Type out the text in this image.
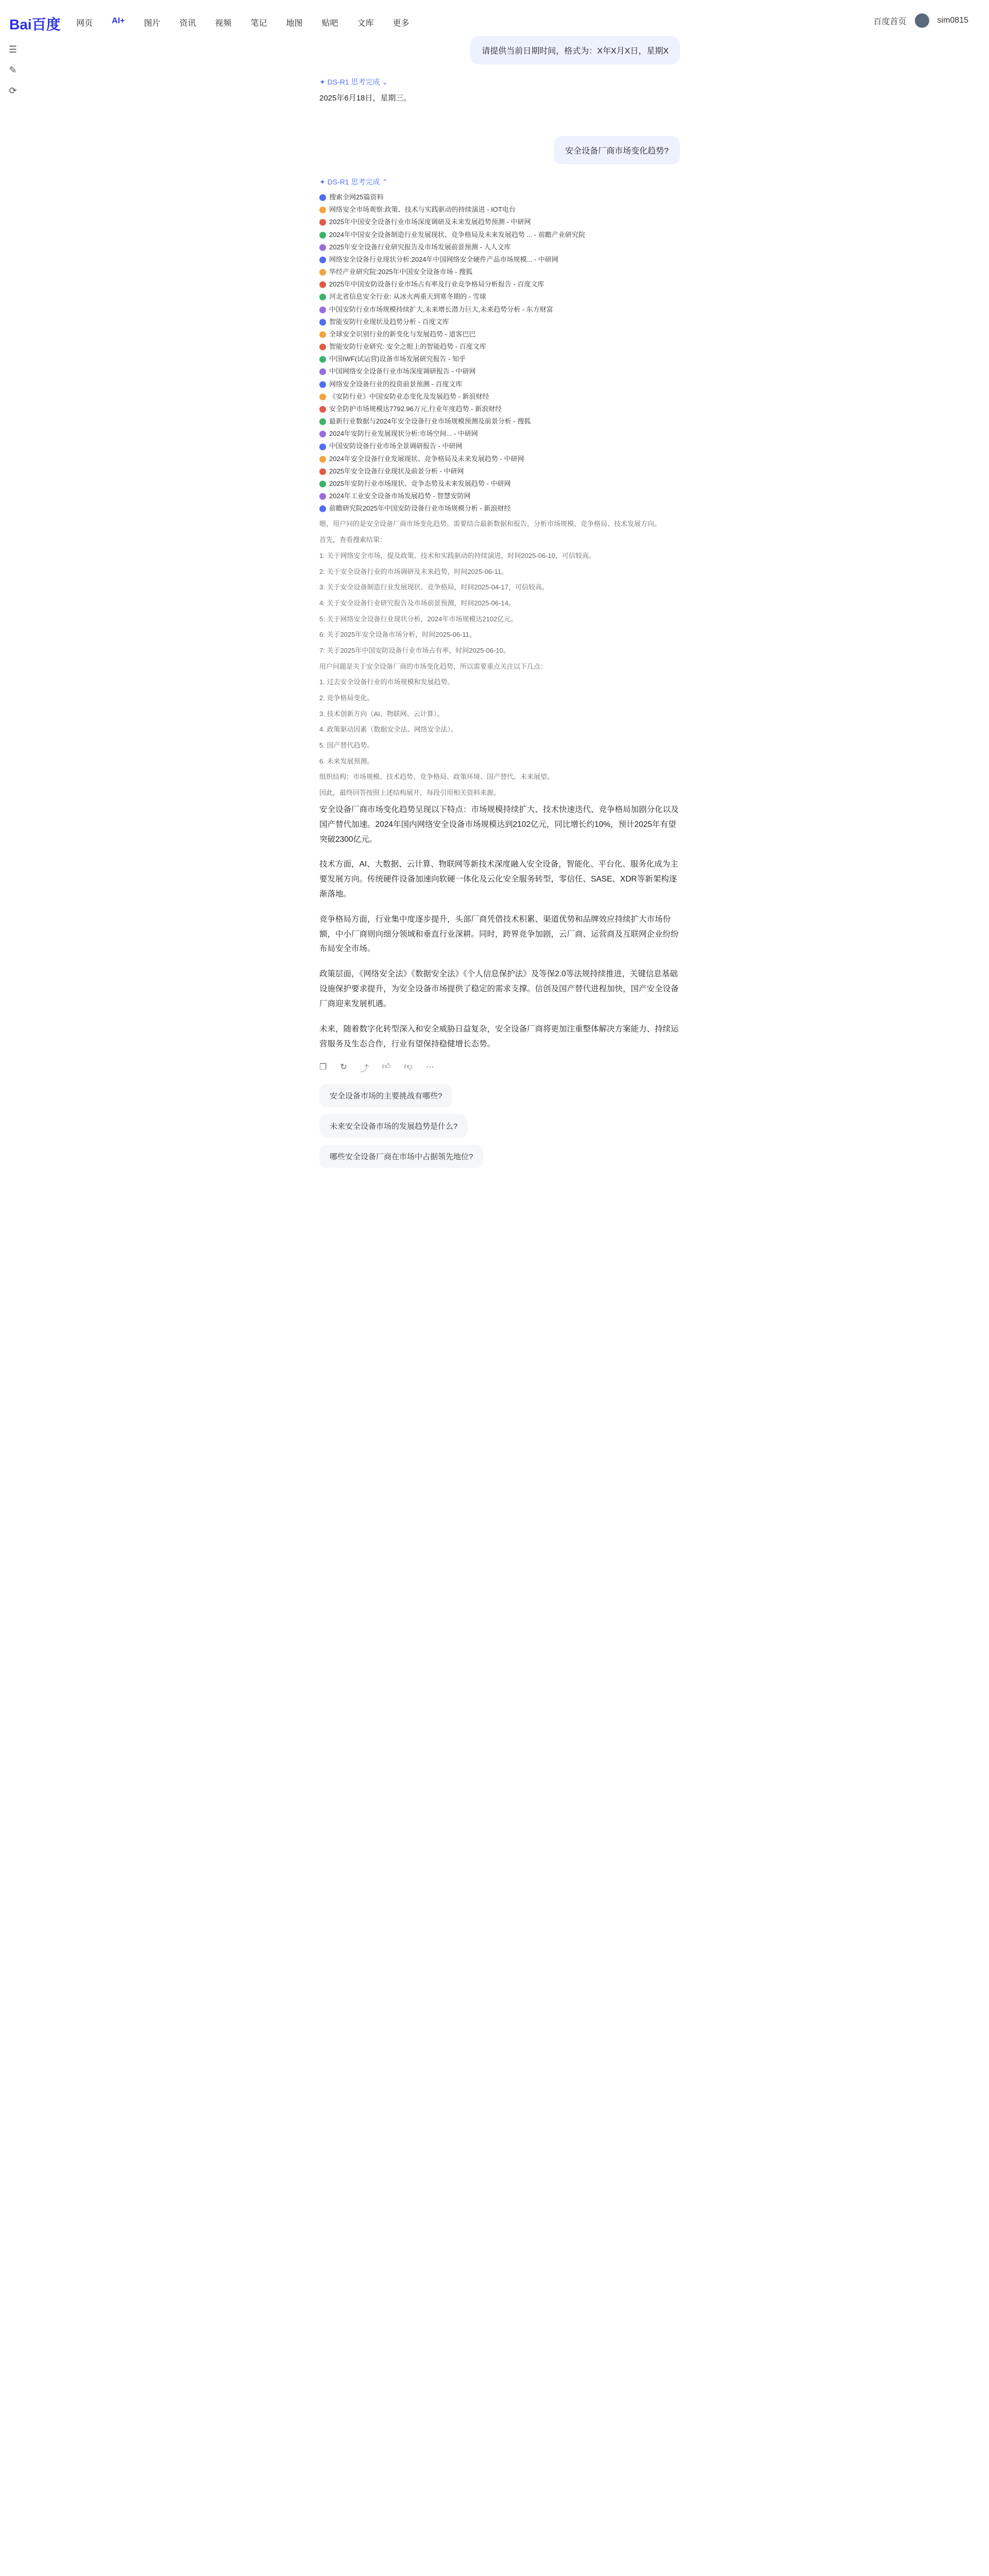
Bai百度 网页 AI+ 图片 资讯 视频 笔记 地图 贴吧 文库 更多	百度首页	sim0815
☰
✎
⟳
请提供当前日期时间，格式为：X年X月X日，星期X
✦ DS-R1 思考完成 ⌄
2025年6月18日，星期三。
安全设备厂商市场变化趋势?
✦ DS-R1 思考完成 ⌃
搜索全网25篇资料
网络安全市场观察:政策、技术与实践驱动的持续演进 - IOT电台
2025年中国安全设备行业市场深度调研及未来发展趋势预测 - 中研网
2024年中国安全设备制造行业发展现状、竞争格局及未来发展趋势 ... - 前瞻产业研究院
2025年安全设备行业研究报告及市场发展前景预测 - 人人文库
网络安全设备行业现状分析:2024年中国网络安全硬件产品市场规模... - 中研网
华经产业研究院:2025年中国安全设备市场 - 搜狐
2025年中国安防设备行业市场占有率及行业竞争格局分析报告 - 百度文库
河北省信息安全行业: 从冰火两重天到寒冬期的 - 雪球
中国安防行业市场规模持续扩大,未来增长潜力巨大,未来趋势分析 - 东方财富
智能安防行业现状及趋势分析 - 百度文库
全球安全识别行业的新变化与发展趋势 - 道客巴巴
智能安防行业研究: 安全之眼上的智能趋势 - 百度文库
中国IWF(试运营)设备市场发展研究报告 - 知乎
中国网络安全设备行业市场深度调研报告 - 中研网
网络安全设备行业的投资前景预测 - 百度文库
《安防行业》中国安防业态变化及发展趋势 - 新浪财经
安全防护市场规模达7792.96万元,行业年度趋势 - 新浪财经
最新行业数据与2024年安全设备行业市场规模预测及前景分析 - 搜狐
2024年安防行业发展现状分析:市场空间... - 中研网
中国安防设备行业市场全景调研报告 - 中研网
2024年安全设备行业发展现状、竞争格局及未来发展趋势 - 中研网
2025年安全设备行业现状及前景分析 - 中研网
2025年安防行业市场现状、竞争态势及未来发展趋势 - 中研网
2024年工业安全设备市场发展趋势 - 智慧安防网
前瞻研究院2025年中国安防设备行业市场规模分析 - 新浪财经

嗯，用户问的是安全设备厂商市场变化趋势。需要结合最新数据和报告，分析市场规模、竞争格局、技术发展方向。

首先，查看搜索结果：

1: 关于网络安全市场，提及政策、技术和实践驱动的持续演进，时间2025-06-10，可信较高。

2: 关于安全设备行业的市场调研及未来趋势，时间2025-06-11。

3: 关于安全设备制造行业发展现状、竞争格局，时间2025-04-17，可信较高。

4: 关于安全设备行业研究报告及市场前景预测，时间2025-06-14。

5: 关于网络安全设备行业现状分析，2024年市场规模达2102亿元。

6: 关于2025年安全设备市场分析，时间2025-06-11。

7: 关于2025年中国安防设备行业市场占有率，时间2025-06-10。

用户问题是关于安全设备厂商的市场变化趋势，所以需要重点关注以下几点：

1. 过去安全设备行业的市场规模和发展趋势。

2. 竞争格局变化。

3. 技术创新方向（AI、物联网、云计算）。

4. 政策驱动因素（数据安全法、网络安全法）。

5. 国产替代趋势。

6. 未来发展预测。

组织结构：市场规模、技术趋势、竞争格局、政策环境、国产替代、未来展望。

因此，最终回答按照上述结构展开，每段引用相关资料来源。

安全设备厂商市场变化趋势呈现以下特点：市场规模持续扩大、技术快速迭代、竞争格局加剧分化以及国产替代加速。2024年国内网络安全设备市场规模达到2102亿元，同比增长约10%，预计2025年有望突破2300亿元。

技术方面，AI、大数据、云计算、物联网等新技术深度融入安全设备，智能化、平台化、服务化成为主要发展方向。传统硬件设备加速向软硬一体化及云化安全服务转型，零信任、SASE、XDR等新架构逐渐落地。

竞争格局方面，行业集中度逐步提升，头部厂商凭借技术积累、渠道优势和品牌效应持续扩大市场份额，中小厂商则向细分领域和垂直行业深耕。同时，跨界竞争加剧，云厂商、运营商及互联网企业纷纷布局安全市场。

政策层面，《网络安全法》《数据安全法》《个人信息保护法》及等保2.0等法规持续推进，关键信息基础设施保护要求提升，为安全设备市场提供了稳定的需求支撑。信创及国产替代进程加快，国产安全设备厂商迎来发展机遇。

未来，随着数字化转型深入和安全威胁日益复杂，安全设备厂商将更加注重整体解决方案能力、持续运营服务及生态合作，行业有望保持稳健增长态势。

❐ ↻ ⤴ 👍︎ 👎︎ ⋯
安全设备市场的主要挑战有哪些?
未来安全设备市场的发展趋势是什么?
哪些安全设备厂商在市场中占据领先地位?
